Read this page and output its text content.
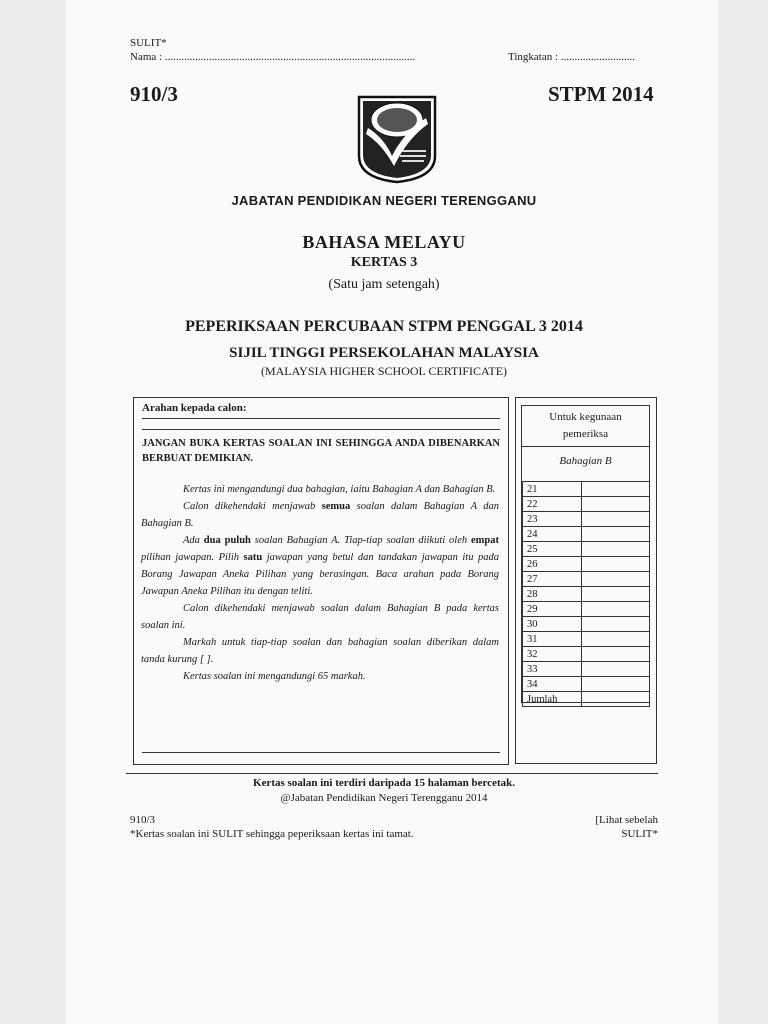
SULIT*
Nama : ...........................................................................................	Tingkatan : ...........................
910/3	STPM 2014
JABATAN PENDIDIKAN NEGERI TERENGGANU
BAHASA MELAYU
KERTAS 3
(Satu jam setengah)
PEPERIKSAAN PERCUBAAN STPM PENGGAL 3 2014
SIJIL TINGGI PERSEKOLAHAN MALAYSIA
(MALAYSIA HIGHER SCHOOL CERTIFICATE)
Arahan kepada calon:
JANGAN BUKA KERTAS SOALAN INI SEHINGGA ANDA DIBENARKAN BERBUAT DEMIKIAN.

Kertas ini mengandungi dua bahagian, iaitu Bahagian A dan Bahagian B.

Calon dikehendaki menjawab semua soalan dalam Bahagian A dan Bahagian B.

Ada dua puluh soalan Bahagian A. Tiap-tiap soalan diikuti oleh empat pilihan jawapan. Pilih satu jawapan yang betul dan tandakan jawapan itu pada Borang Jawapan Aneka Pilihan yang berasingan. Baca arahan pada Borang Jawapan Aneka Pilihan itu dengan teliti.

Calon dikehendaki menjawab soalan dalam Bahagian B pada kertas soalan ini.

Markah untuk tiap-tiap soalan dan bahagian soalan diberikan dalam tanda kurung [ ].

Kertas soalan ini mengandungi 65 markah.

Untuk kegunaan
pemeriksa
Bahagian B
21	
22	
23	
24	
25	
26	
27	
28	
29	
30	
31	
32	
33	
34	
Jumlah	
Kertas soalan ini terdiri daripada 15 halaman bercetak.
@Jabatan Pendidikan Negeri Terengganu 2014
910/3
*Kertas soalan ini SULIT sehingga peperiksaan kertas ini tamat.
[Lihat sebelah
SULIT*
